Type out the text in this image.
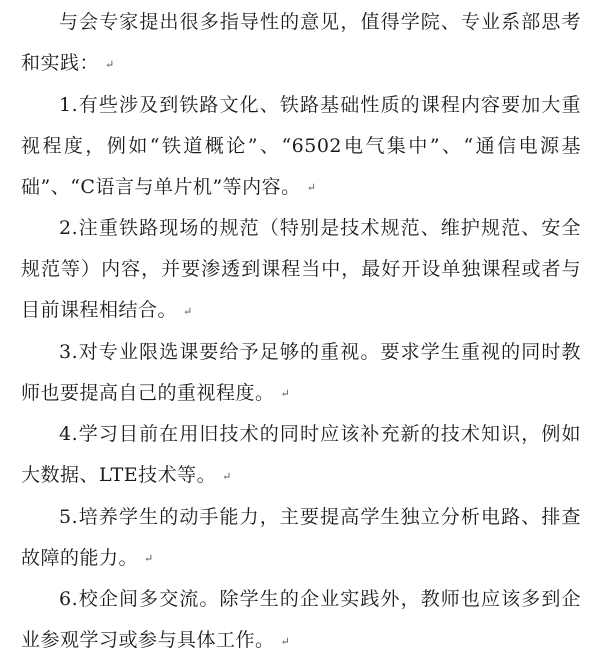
与会专家提出很多指导性的意见，值得学院、专业系部思考和实践： ↵

1.有些涉及到铁路文化、铁路基础性质的课程内容要加大重视程度，例如“铁道概论”、“6502电气集中”、“通信电源基础”、“C语言与单片机”等内容。 ↵

2.注重铁路现场的规范（特别是技术规范、维护规范、安全规范等）内容，并要渗透到课程当中，最好开设单独课程或者与目前课程相结合。 ↵

3.对专业限选课要给予足够的重视。要求学生重视的同时教师也要提高自己的重视程度。 ↵

4.学习目前在用旧技术的同时应该补充新的技术知识，例如大数据、LTE技术等。 ↵

5.培养学生的动手能力，主要提高学生独立分析电路、排查故障的能力。 ↵

6.校企间多交流。除学生的企业实践外，教师也应该多到企业参观学习或参与具体工作。 ↵
